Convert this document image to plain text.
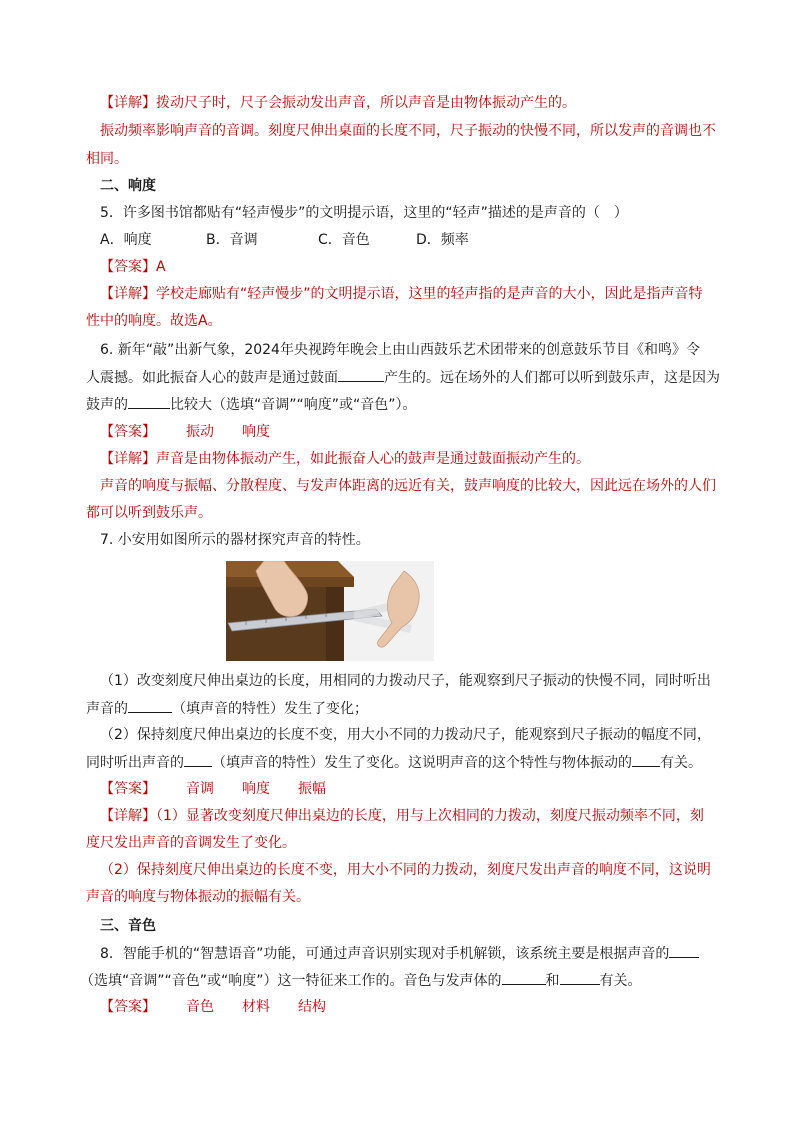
【详解】拨动尺子时，尺子会振动发出声音，所以声音是由物体振动产生的。
振动频率影响声音的音调。刻度尺伸出桌面的长度不同，尺子振动的快慢不同，所以发声的音调也不
相同。
二、响度
5．许多图书馆都贴有“轻声慢步”的文明提示语，这里的“轻声”描述的是声音的（　）
A．响度	B．音调	C．音色	D．频率
【答案】A
【详解】学校走廊贴有“轻声慢步”的文明提示语，这里的轻声指的是声音的大小，因此是指声音特
性中的响度。故选A。
6. 新年“敲”出新气象，2024年央视跨年晚会上由山西鼓乐艺术团带来的创意鼓乐节目《和鸣》令
人震撼。如此振奋人心的鼓声是通过鼓面	产生的。远在场外的人们都可以听到鼓乐声，这是因为
鼓声的	比较大（选填“音调”“响度”或“音色”）。
【答案】 振动 响度
【详解】声音是由物体振动产生，如此振奋人心的鼓声是通过鼓面振动产生的。
声音的响度与振幅、分散程度、与发声体距离的远近有关，鼓声响度的比较大，因此远在场外的人们
都可以听到鼓乐声。
7. 小安用如图所示的器材探究声音的特性。
（1）改变刻度尺伸出桌边的长度，用相同的力拨动尺子，能观察到尺子振动的快慢不同，同时听出
声音的	（填声音的特性）发生了变化；
（2）保持刻度尺伸出桌边的长度不变，用大小不同的力拨动尺子，能观察到尺子振动的幅度不同，
同时听出声音的 （填声音的特性）发生了变化。这说明声音的这个特性与物体振动的 有关。
【答案】 音调 响度 振幅
【详解】（1）显著改变刻度尺伸出桌边的长度，用与上次相同的力拨动，刻度尺振动频率不同，刻
度尺发出声音的音调发生了变化。
（2）保持刻度尺伸出桌边的长度不变，用大小不同的力拨动，刻度尺发出声音的响度不同，这说明
声音的响度与物体振动的振幅有关。
三、音色
8．智能手机的“智慧语音”功能，可通过声音识别实现对手机解锁，该系统主要是根据声音的
（选填“音调”“音色”或“响度”）这一特征来工作的。音色与发声体的	和	有关。
【答案】 音色 材料 结构
